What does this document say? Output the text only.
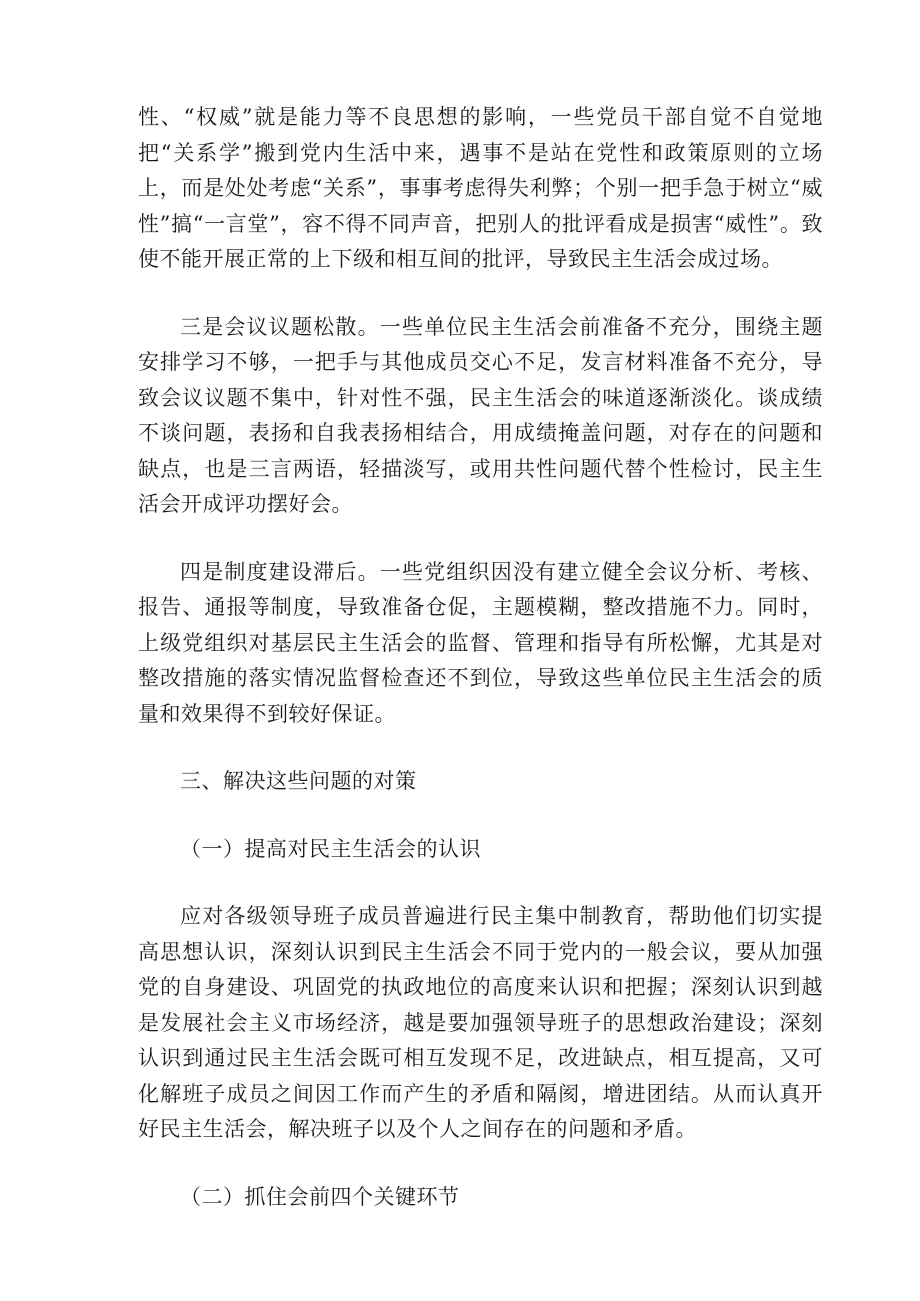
性、“权威”就是能力等不良思想的影响，一些党员干部自觉不自觉地把“关系学”搬到党内生活中来，遇事不是站在党性和政策原则的立场上，而是处处考虑“关系”，事事考虑得失利弊；个别一把手急于树立“威性”搞“一言堂”，容不得不同声音，把别人的批评看成是损害“威性”。致使不能开展正常的上下级和相互间的批评，导致民主生活会成过场。

三是会议议题松散。一些单位民主生活会前准备不充分，围绕主题安排学习不够，一把手与其他成员交心不足，发言材料准备不充分，导致会议议题不集中，针对性不强，民主生活会的味道逐渐淡化。谈成绩不谈问题，表扬和自我表扬相结合，用成绩掩盖问题，对存在的问题和缺点，也是三言两语，轻描淡写，或用共性问题代替个性检讨，民主生活会开成评功摆好会。

四是制度建设滞后。一些党组织因没有建立健全会议分析、考核、报告、通报等制度，导致准备仓促，主题模糊，整改措施不力。同时，上级党组织对基层民主生活会的监督、管理和指导有所松懈，尤其是对整改措施的落实情况监督检查还不到位，导致这些单位民主生活会的质量和效果得不到较好保证。

三、解决这些问题的对策

（一）提高对民主生活会的认识

应对各级领导班子成员普遍进行民主集中制教育，帮助他们切实提高思想认识，深刻认识到民主生活会不同于党内的一般会议，要从加强党的自身建设、巩固党的执政地位的高度来认识和把握；深刻认识到越是发展社会主义市场经济，越是要加强领导班子的思想政治建设；深刻认识到通过民主生活会既可相互发现不足，改进缺点，相互提高，又可化解班子成员之间因工作而产生的矛盾和隔阂，增进团结。从而认真开好民主生活会，解决班子以及个人之间存在的问题和矛盾。

（二）抓住会前四个关键环节
